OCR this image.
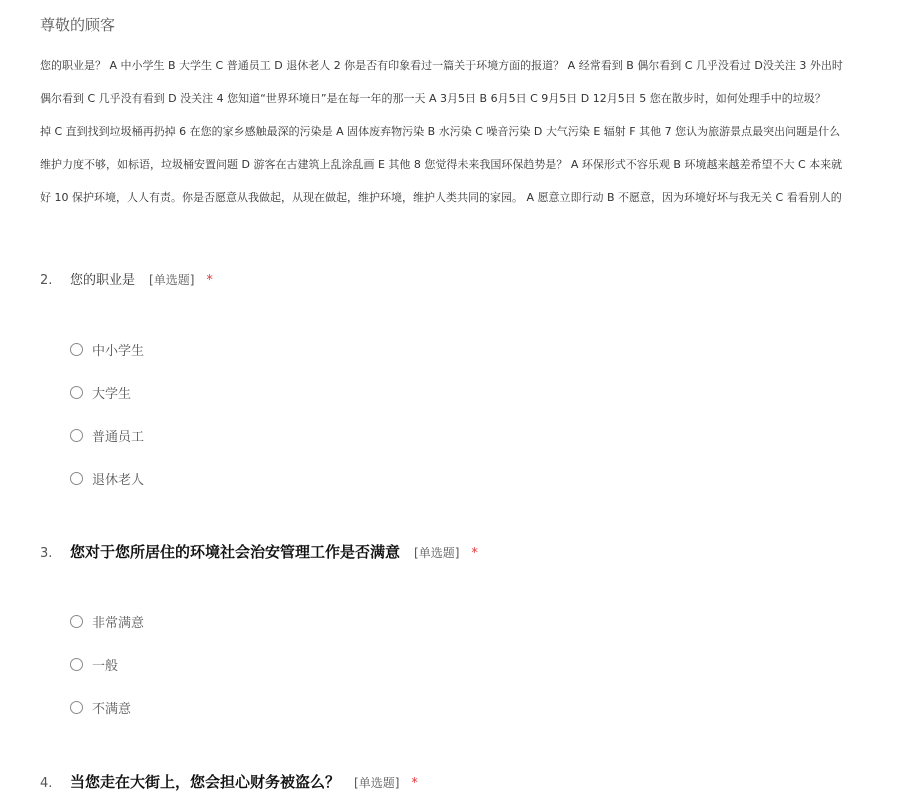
尊敬的顾客
您的职业是？ A 中小学生 B 大学生 C 普通员工 D 退休老人 2 你是否有印象看过一篇关于环境方面的报道？ A 经常看到 B 偶尔看到 C 几乎没看过 D没关注 3 外出时
偶尔看到 C 几乎没有看到 D 没关注 4 您知道“世界环境日”是在每一年的那一天 A 3月5日 B 6月5日 C 9月5日 D 12月5日 5 您在散步时，如何处理手中的垃圾？
掉 C 直到找到垃圾桶再扔掉 6 在您的家乡感触最深的污染是 A 固体废弃物污染 B 水污染 C 噪音污染 D 大气污染 E 辐射 F 其他 7 您认为旅游景点最突出问题是什么
维护力度不够，如标语，垃圾桶安置问题 D 游客在古建筑上乱涂乱画 E 其他 8 您觉得未来我国环保趋势是？ A 环保形式不容乐观 B 环境越来越差希望不大 C 本来就
好 10 保护环境，人人有责。你是否愿意从我做起，从现在做起，维护环境，维护人类共同的家园。 A 愿意立即行动 B 不愿意，因为环境好坏与我无关 C 看看别人的
2.	您的职业是 [单选题] *
中小学生
大学生
普通员工
退休老人
3.	您对于您所居住的环境社会治安管理工作是否满意 [单选题] *
非常满意
一般
不满意
4.	当您走在大街上，您会担心财务被盗么？ [单选题] *
